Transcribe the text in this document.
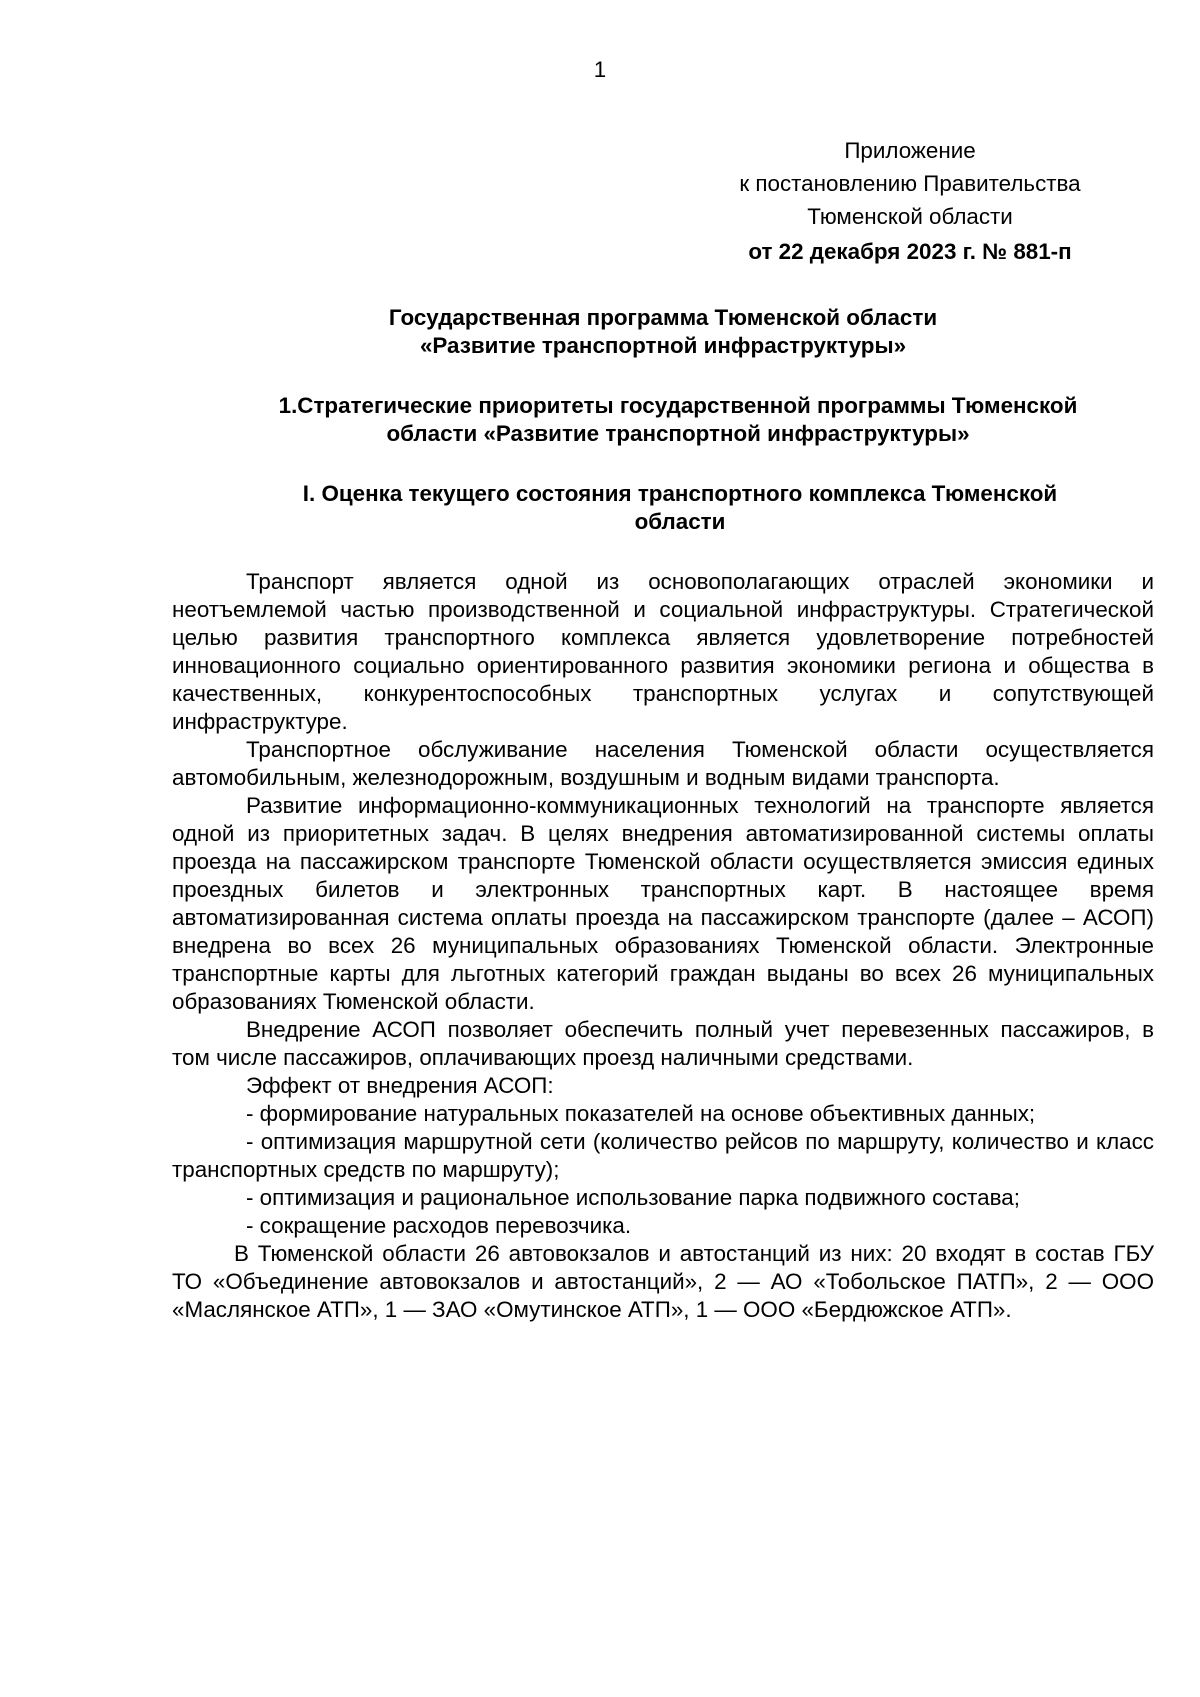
1
Приложение
к постановлению Правительства
Тюменской области
от 22 декабря 2023 г. № 881-п
Государственная программа Тюменской области
«Развитие транспортной инфраструктуры»
1.Стратегические приоритеты государственной программы Тюменской
области «Развитие транспортной инфраструктуры»
I. Оценка текущего состояния транспортного комплекса Тюменской
области

Транспорт является одной из основополагающих отраслей экономики и неотъемлемой частью производственной и социальной инфраструктуры. Стратегической целью развития транспортного комплекса является удовлетворение потребностей инновационного социально ориентированного развития экономики региона и общества в качественных, конкурентоспособных транспортных услугах и сопутствующей инфраструктуре.

Транспортное обслуживание населения Тюменской области осуществляется автомобильным, железнодорожным, воздушным и водным видами транспорта.

Развитие информационно-коммуникационных технологий на транспорте является одной из приоритетных задач. В целях внедрения автоматизированной системы оплаты проезда на пассажирском транспорте Тюменской области осуществляется эмиссия единых проездных билетов и электронных транспортных карт. В настоящее время автоматизированная система оплаты проезда на пассажирском транспорте (далее – АСОП) внедрена во всех 26 муниципальных образованиях Тюменской области. Электронные транспортные карты для льготных категорий граждан выданы во всех 26 муниципальных образованиях Тюменской области.

Внедрение АСОП позволяет обеспечить полный учет перевезенных пассажиров, в том числе пассажиров, оплачивающих проезд наличными средствами.

Эффект от внедрения АСОП:

- формирование натуральных показателей на основе объективных данных;

- оптимизация маршрутной сети (количество рейсов по маршруту, количество и класс транспортных средств по маршруту);

- оптимизация и рациональное использование парка подвижного состава;

- сокращение расходов перевозчика.

В Тюменской области 26 автовокзалов и автостанций из них: 20 входят в состав ГБУ ТО «Объединение автовокзалов и автостанций», 2 — АО «Тобольское ПАТП», 2 — ООО «Маслянское АТП», 1 — ЗАО «Омутинское АТП», 1 — ООО «Бердюжское АТП».
